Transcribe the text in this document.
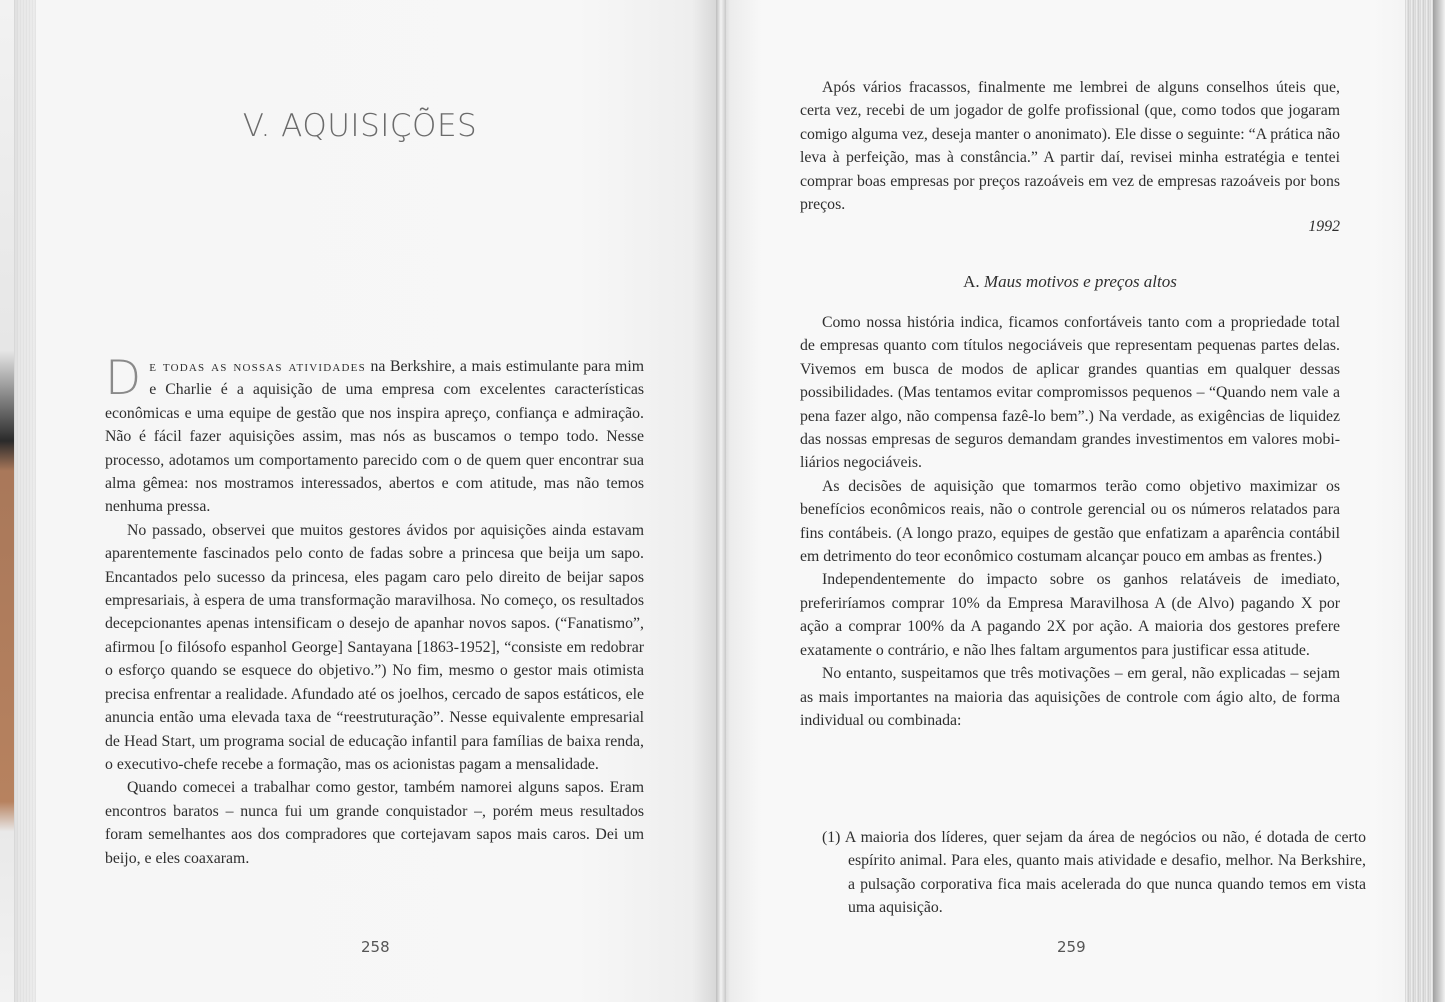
V. AQUISIÇÕES

De todas as nossas atividades na Berkshire, a mais estimulante para mim e Charlie é a aquisição de uma empresa com excelentes características econômicas e uma equipe de gestão que nos inspira apreço, confiança e admiração. Não é fácil fazer aquisições assim, mas nós as buscamos o tempo todo. Nesse processo, adotamos um comportamento parecido com o de quem quer encontrar sua alma gêmea: nos mostramos interessados, abertos e com atitude, mas não temos nenhuma pressa.

No passado, observei que muitos gestores ávidos por aquisições ainda estavam aparentemente fascinados pelo conto de fadas sobre a princesa que beija um sapo. Encantados pelo sucesso da princesa, eles pagam caro pelo direito de beijar sapos empresariais, à espera de uma transformação maravilhosa. No começo, os resultados decepcionantes apenas intensificam o desejo de apanhar novos sapos. (“Fanatismo”, afirmou [o filósofo espanhol George] Santayana [1863-1952], “consiste em redobrar o esforço quando se esquece do objetivo.”) No fim, mesmo o gestor mais otimista precisa enfrentar a realidade. Afundado até os joelhos, cercado de sapos estáticos, ele anuncia então uma elevada taxa de “reestruturação”. Nesse equivalente empresarial de Head Start, um programa social de educação infantil para famílias de baixa renda, o executivo-chefe recebe a formação, mas os acionistas pagam a mensalidade.

Quando comecei a trabalhar como gestor, também namorei alguns sapos. Eram encontros baratos – nunca fui um grande conquistador –, porém meus resultados foram semelhantes aos dos compradores que cortejavam sapos mais caros. Dei um beijo, e eles coaxaram.

258

Após vários fracassos, finalmente me lembrei de alguns conselhos úteis que, certa vez, recebi de um jogador de golfe profissional (que, como todos que jogaram comigo alguma vez, deseja manter o anonimato). Ele disse o seguinte: “A prática não leva à perfeição, mas à constância.” A partir daí, revisei minha estratégia e tentei comprar boas empresas por preços razoáveis em vez de empresas razoáveis por bons preços.

1992
A. Maus motivos e preços altos

Como nossa história indica, ficamos confortáveis tanto com a propriedade total de empresas quanto com títulos negociáveis que representam pequenas partes delas. Vivemos em busca de modos de aplicar grandes quantias em qualquer dessas possibilidades. (Mas tentamos evitar compromissos pequenos – “Quando nem vale a pena fazer algo, não compensa fazê-lo bem”.) Na verdade, as exigências de liquidez das nossas empresas de seguros demandam grandes investimentos em valores mobiliários negociáveis.

As decisões de aquisição que tomarmos terão como objetivo maximizar os benefícios econômicos reais, não o controle gerencial ou os números relatados para fins contábeis. (A longo prazo, equipes de gestão que enfatizam a aparência contábil em detrimento do teor econômico costumam alcançar pouco em ambas as frentes.)

Independentemente do impacto sobre os ganhos relatáveis de imediato, preferiríamos comprar 10% da Empresa Maravilhosa A (de Alvo) pagando X por ação a comprar 100% da A pagando 2X por ação. A maioria dos gestores prefere exatamente o contrário, e não lhes faltam argumentos para justificar essa atitude.

No entanto, suspeitamos que três motivações – em geral, não explicadas – sejam as mais importantes na maioria das aquisições de controle com ágio alto, de forma individual ou combinada:

(1) A maioria dos líderes, quer sejam da área de negócios ou não, é dotada de certo espírito animal. Para eles, quanto mais atividade e desafio, melhor. Na Berkshire, a pulsação corporativa fica mais acelerada do que nunca quando temos em vista uma aquisição.
259
